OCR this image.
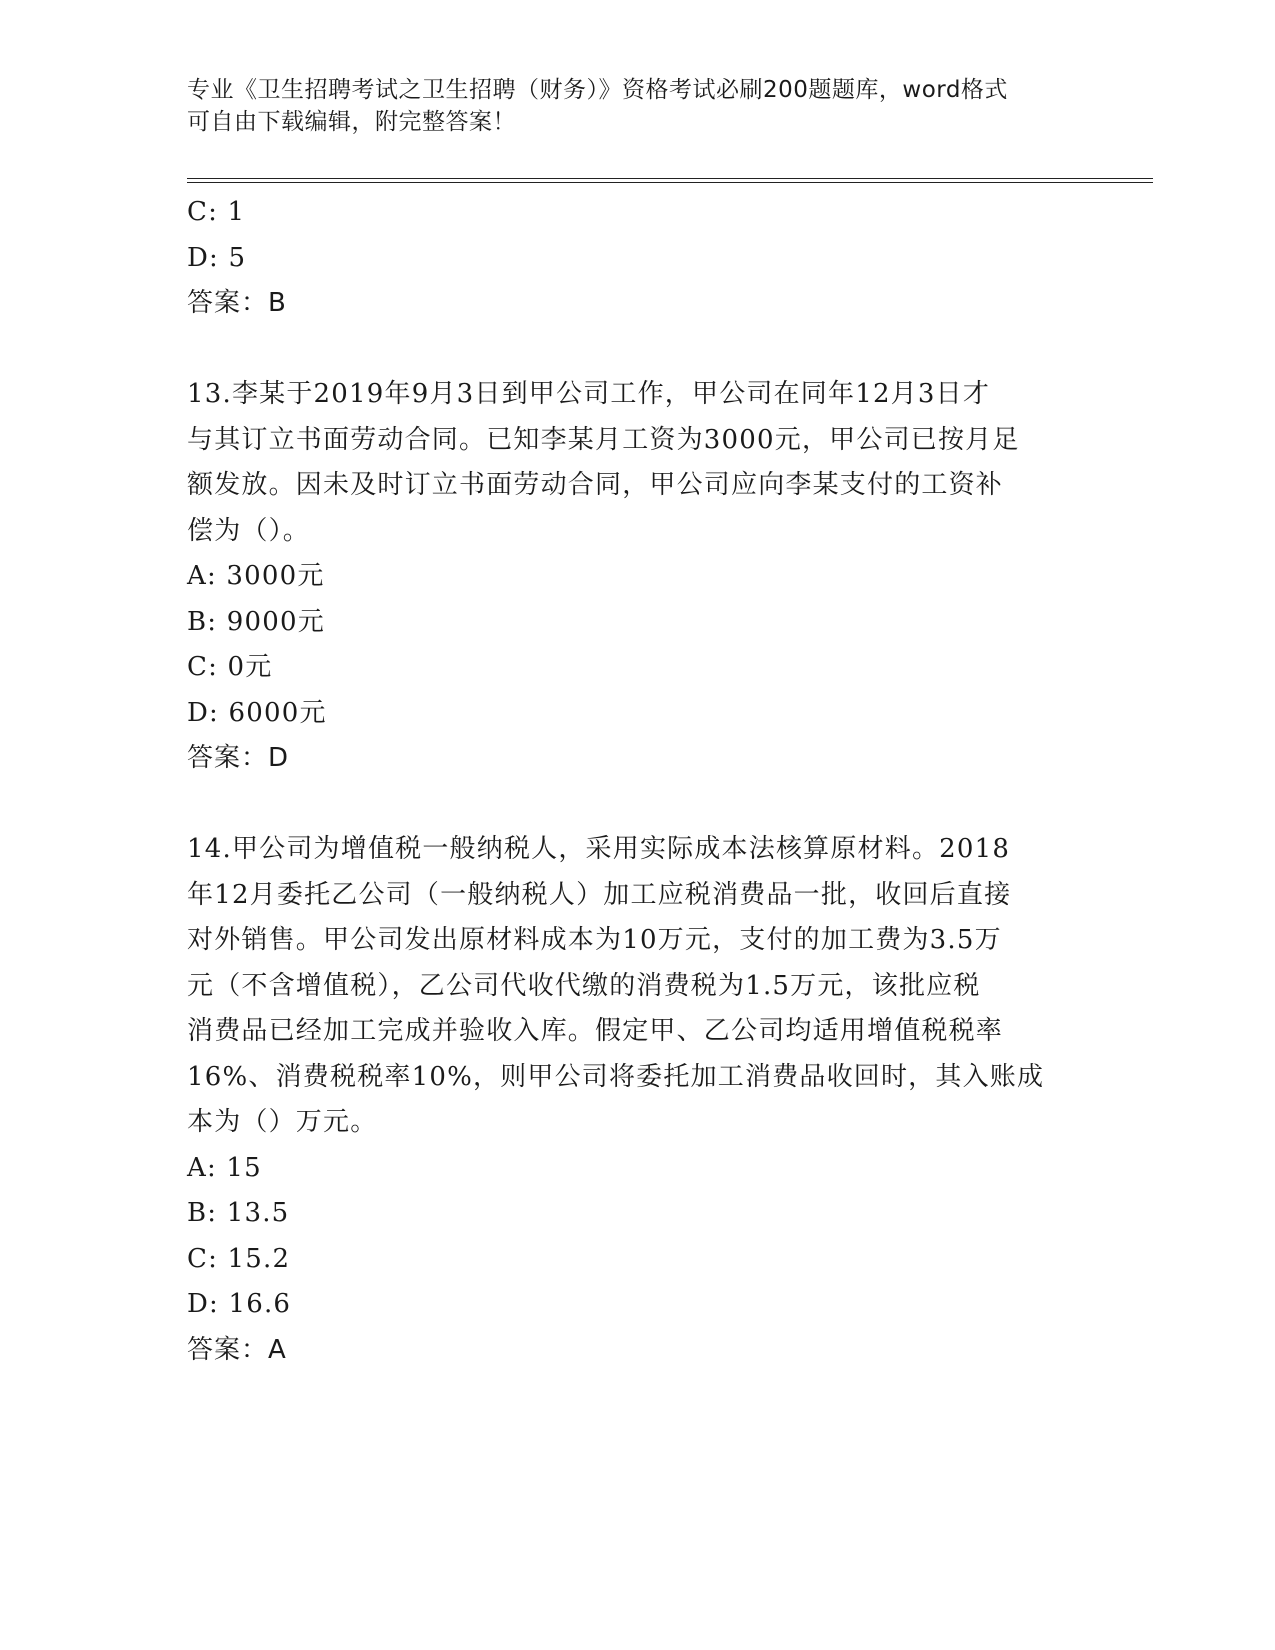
专业《卫生招聘考试之卫生招聘（财务）》资格考试必刷200题题库，word格式
可自由下载编辑，附完整答案！
C: 1
D: 5
答案：B
13.李某于2019年9月3日到甲公司工作，甲公司在同年12月3日才
与其订立书面劳动合同。已知李某月工资为3000元，甲公司已按月足
额发放。因未及时订立书面劳动合同，甲公司应向李某支付的工资补
偿为（）。
A: 3000元
B: 9000元
C: 0元
D: 6000元
答案：D
14.甲公司为增值税一般纳税人，采用实际成本法核算原材料。2018
年12月委托乙公司（一般纳税人）加工应税消费品一批，收回后直接
对外销售。甲公司发出原材料成本为10万元，支付的加工费为3.5万
元（不含增值税），乙公司代收代缴的消费税为1.5万元，该批应税
消费品已经加工完成并验收入库。假定甲、乙公司均适用增值税税率
16%、消费税税率10%，则甲公司将委托加工消费品收回时，其入账成
本为（）万元。
A: 15
B: 13.5
C: 15.2
D: 16.6
答案：A
